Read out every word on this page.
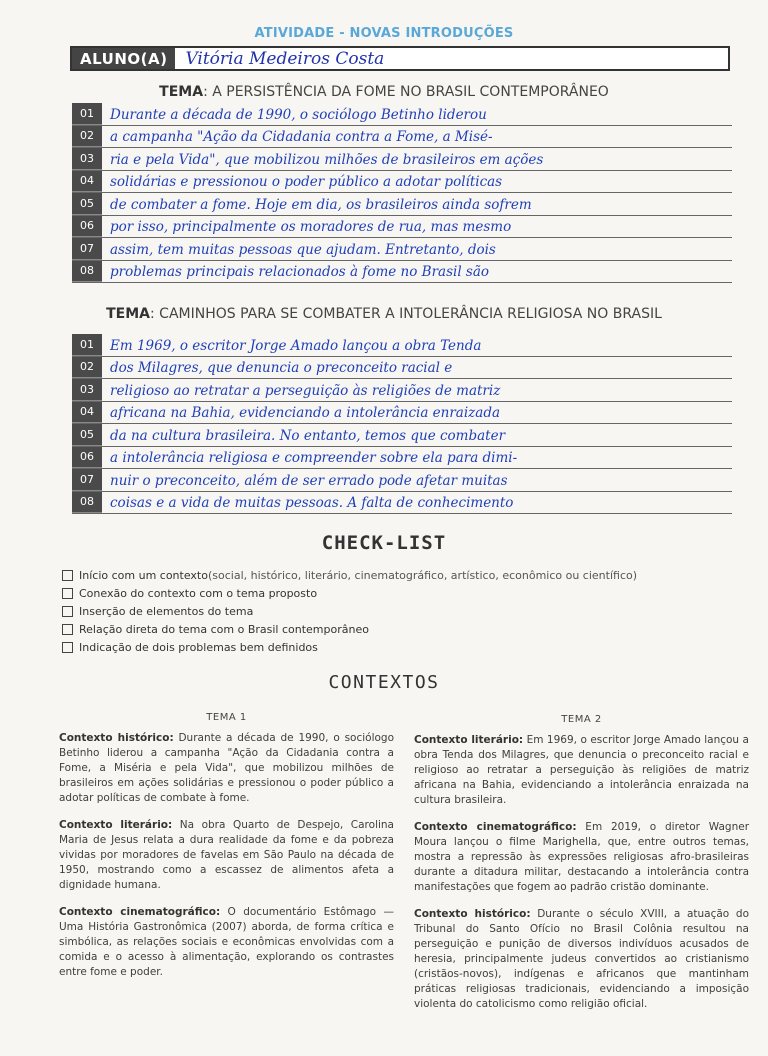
ATIVIDADE - NOVAS INTRODUÇÕES
ALUNO(A)	Vitória Medeiros Costa
TEMA: A PERSISTÊNCIA DA FOME NO BRASIL CONTEMPORÂNEO
01	Durante a década de 1990, o sociólogo Betinho liderou
02	a campanha "Ação da Cidadania contra a Fome, a Misé-
03	ria e pela Vida", que mobilizou milhões de brasileiros em ações
04	solidárias e pressionou o poder público a adotar políticas
05	de combater a fome. Hoje em dia, os brasileiros ainda sofrem
06	por isso, principalmente os moradores de rua, mas mesmo
07	assim, tem muitas pessoas que ajudam. Entretanto, dois
08	problemas principais relacionados à fome no Brasil são
TEMA: CAMINHOS PARA SE COMBATER A INTOLERÂNCIA RELIGIOSA NO BRASIL
01	Em 1969, o escritor Jorge Amado lançou a obra Tenda
02	dos Milagres, que denuncia o preconceito racial e
03	religioso ao retratar a perseguição às religiões de matriz
04	africana na Bahia, evidenciando a intolerância enraizada
05	da na cultura brasileira. No entanto, temos que combater
06	a intolerância religiosa e compreender sobre ela para dimi-
07	nuir o preconceito, além de ser errado pode afetar muitas
08	coisas e a vida de muitas pessoas. A falta de conhecimento
CHECK-LIST
Início com um contexto (social, histórico, literário, cinematográfico, artístico, econômico ou científico)
Conexão do contexto com o tema proposto
Inserção de elementos do tema
Relação direta do tema com o Brasil contemporâneo
Indicação de dois problemas bem definidos
CONTEXTOS
TEMA 1

Contexto histórico: Durante a década de 1990, o sociólogo Betinho liderou a campanha "Ação da Cidadania contra a Fome, a Miséria e pela Vida", que mobilizou milhões de brasileiros em ações solidárias e pressionou o poder público a adotar políticas de combate à fome.

Contexto literário: Na obra Quarto de Despejo, Carolina Maria de Jesus relata a dura realidade da fome e da pobreza vividas por moradores de favelas em São Paulo na década de 1950, mostrando como a escassez de alimentos afeta a dignidade humana.

Contexto cinematográfico: O documentário Estômago — Uma História Gastronômica (2007) aborda, de forma crítica e simbólica, as relações sociais e econômicas envolvidas com a comida e o acesso à alimentação, explorando os contrastes entre fome e poder.

TEMA 2

Contexto literário: Em 1969, o escritor Jorge Amado lançou a obra Tenda dos Milagres, que denuncia o preconceito racial e religioso ao retratar a perseguição às religiões de matriz africana na Bahia, evidenciando a intolerância enraizada na cultura brasileira.

Contexto cinematográfico: Em 2019, o diretor Wagner Moura lançou o filme Marighella, que, entre outros temas, mostra a repressão às expressões religiosas afro-brasileiras durante a ditadura militar, destacando a intolerância contra manifestações que fogem ao padrão cristão dominante.

Contexto histórico: Durante o século XVIII, a atuação do Tribunal do Santo Ofício no Brasil Colônia resultou na perseguição e punição de diversos indivíduos acusados de heresia, principalmente judeus convertidos ao cristianismo (cristãos-novos), indígenas e africanos que mantinham práticas religiosas tradicionais, evidenciando a imposição violenta do catolicismo como religião oficial.
